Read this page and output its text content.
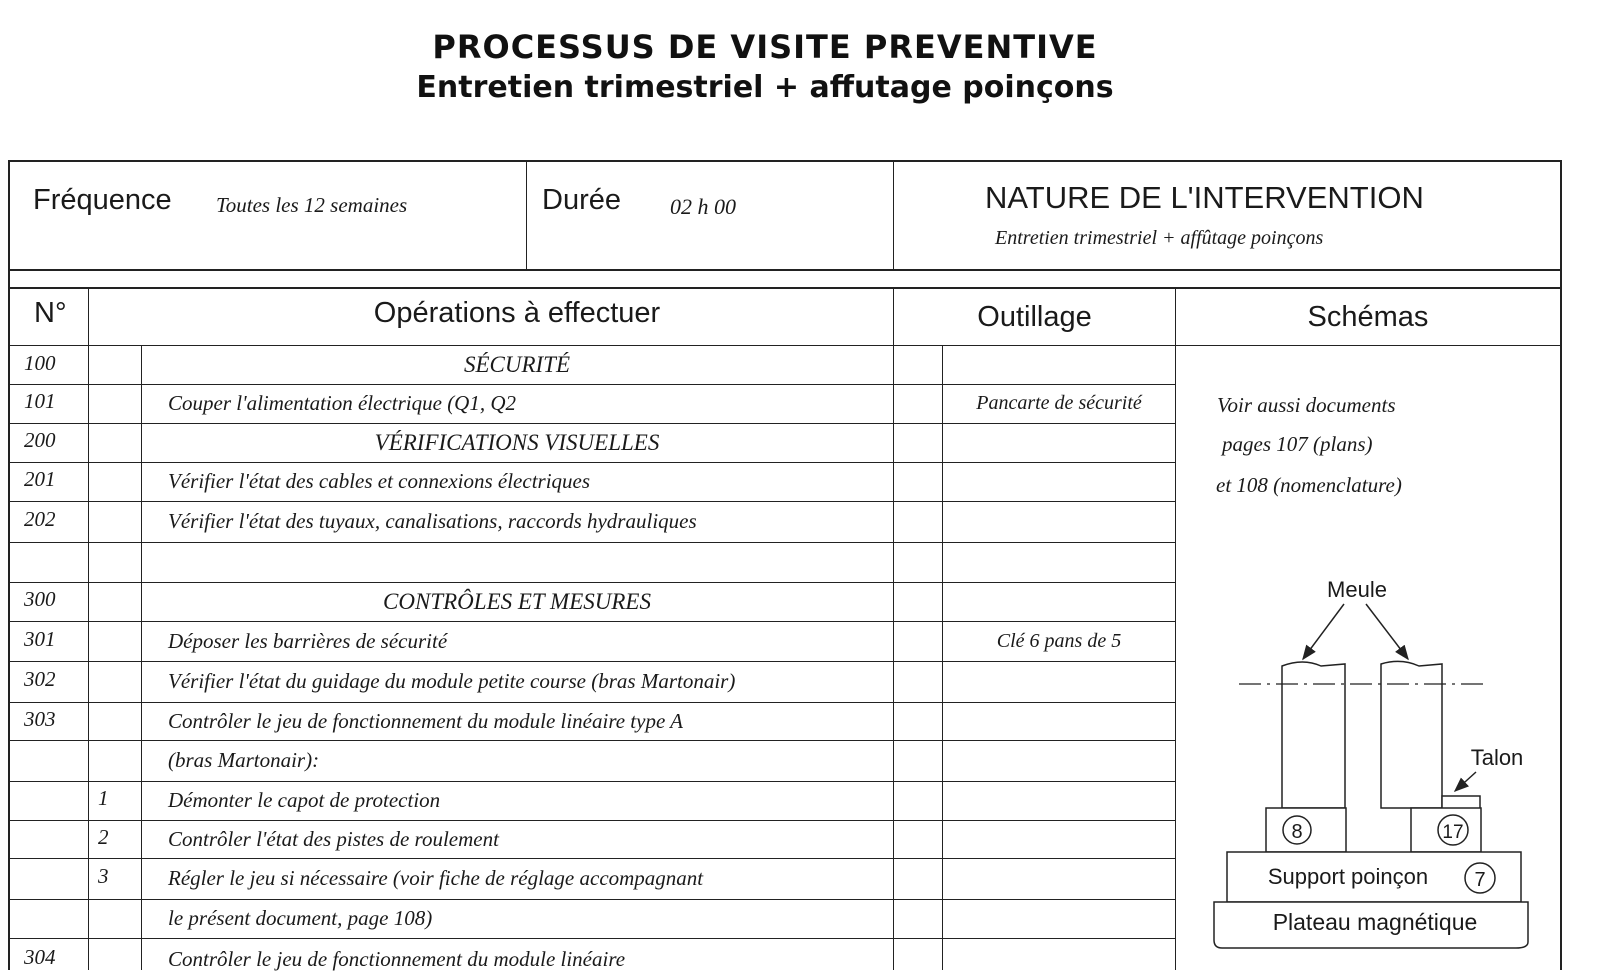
PROCESSUS DE VISITE PREVENTIVE
Entretien trimestriel + affutage poinçons
Fréquence Toutes les 12 semaines	Durée 02 h 00	NATURE DE L'INTERVENTION
Entretien trimestriel + affûtage poinçons
N°	Opérations à effectuer	Outillage	Schémas
100	SÉCURITÉ
101	Couper l'alimentation électrique (Q1, Q2	Pancarte de sécurité
200	VÉRIFICATIONS VISUELLES
201	Vérifier l'état des cables et connexions électriques
202	Vérifier l'état des tuyaux, canalisations, raccords hydrauliques
300	CONTRÔLES ET MESURES
301	Déposer les barrières de sécurité	Clé 6 pans de 5
302	Vérifier l'état du guidage du module petite course (bras Martonair)
303	Contrôler le jeu de fonctionnement du module linéaire type A
(bras Martonair):
1	Démonter le capot de protection
2	Contrôler l'état des pistes de roulement
3	Régler le jeu si nécessaire (voir fiche de réglage accompagnant
le présent document, page 108)
304	Contrôler le jeu de fonctionnement du module linéaire
Voir aussi documents
pages 107 (plans)
et 108 (nomenclature)
Meule
Talon
8	17
Support poinçon 7
Plateau magnétique
